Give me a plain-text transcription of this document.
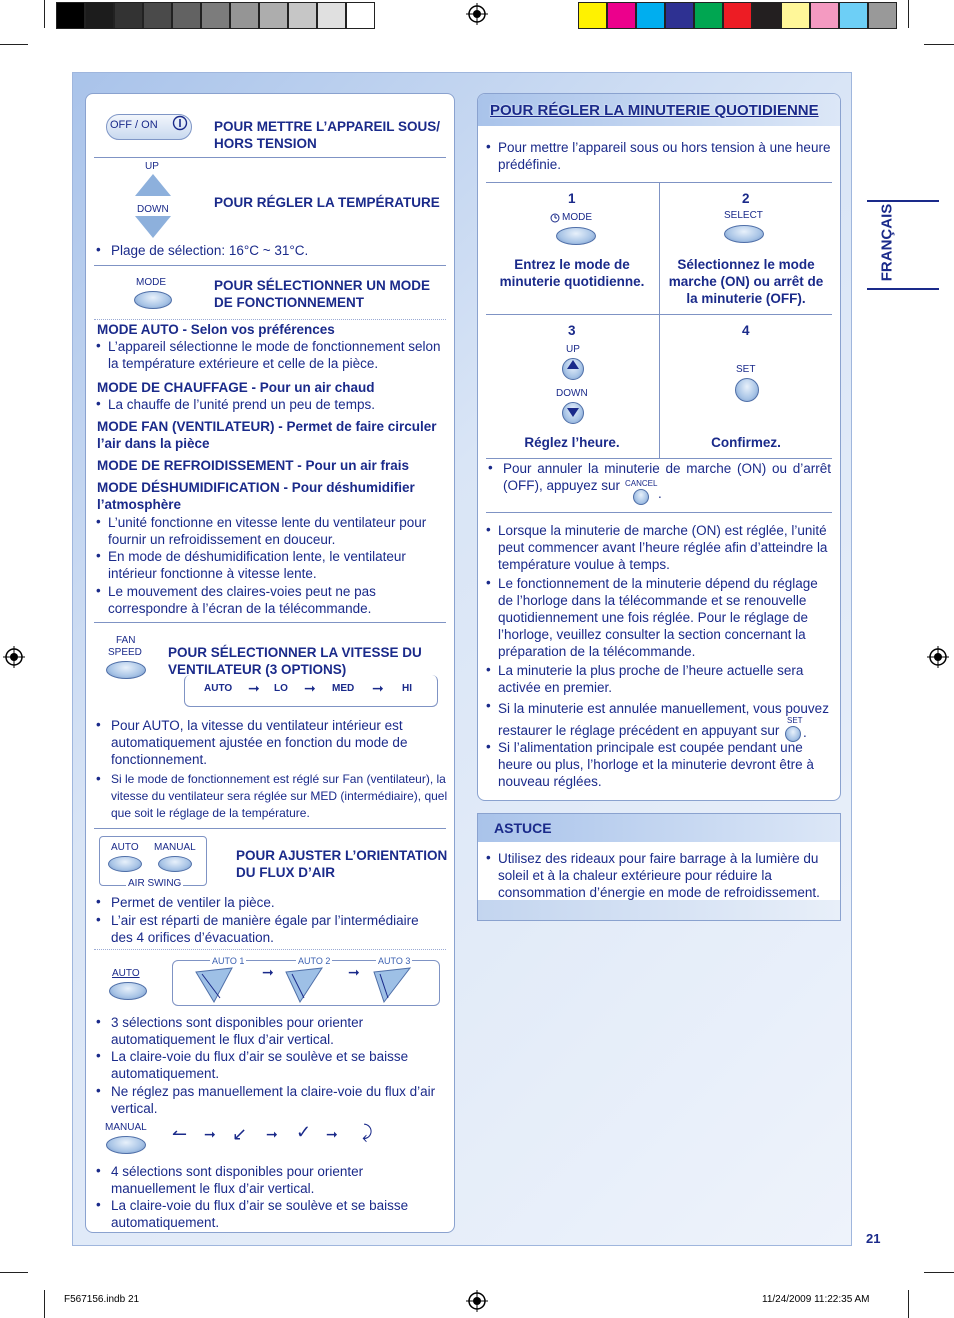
FRANÇAIS
21
OFF / ON	POUR METTRE L’APPAREIL SOUS/ HORS TENSION
UP
DOWN	POUR RÉGLER LA TEMPÉRATURE
• Plage de sélection: 16°C ~ 31°C.
MODE	POUR SÉLECTIONNER UN MODE DE FONCTIONNEMENT
MODE AUTO - Selon vos préférences
• L’appareil sélectionne le mode de fonctionnement selon la température extérieure et celle de la pièce.
MODE DE CHAUFFAGE - Pour un air chaud
• La chauffe de l’unité prend un peu de temps.
MODE FAN (VENTILATEUR) - Permet de faire circuler l’air dans la pièce
MODE DE REFROIDISSEMENT - Pour un air frais
MODE DÉSHUMIDIFICATION - Pour déshumidifier l’atmosphère
• L’unité fonctionne en vitesse lente du ventilateur pour fournir un refroidissement en douceur.
• En mode de déshumidification lente, le ventilateur intérieur fonctionne à vitesse lente.
• Le mouvement des claires-voies peut ne pas correspondre à l’écran de la télécommande.
FAN
SPEED POUR SÉLECTIONNER LA VITESSE DU VENTILATEUR (3 OPTIONS)
AUTO ➞ LO ➞ MED ➞ HI
• Pour AUTO, la vitesse du ventilateur intérieur est automatiquement ajustée en fonction du mode de fonctionnement.
• Si le mode de fonctionnement est réglé sur Fan (ventilateur), la vitesse du ventilateur sera réglée sur MED (intermédiaire), quel que soit le réglage de la température.
AUTO MANUAL
AIR SWING
POUR AJUSTER L’ORIENTATION DU FLUX D’AIR
• Permet de ventiler la pièce.
• L’air est réparti de manière égale par l’intermédiaire des 4 orifices d’évacuation.
AUTO
AUTO 1	AUTO 2	AUTO 3
➞	➞
• 3 sélections sont disponibles pour orienter automatiquement le flux d’air vertical.
• La claire-voie du flux d’air se soulève et se baisse automatiquement.
• Ne réglez pas manuellement la claire-voie du flux d’air vertical.
MANUAL ↼ ➞ ↙ ➞ ✓ ➞ ⤸
• 4 sélections sont disponibles pour orienter manuellement le flux d’air vertical.
• La claire-voie du flux d’air se soulève et se baisse automatiquement.
POUR RÉGLER LA MINUTERIE QUOTIDIENNE
• Pour mettre l’appareil sous ou hors tension à une heure prédéfinie.
1
MODE
Entrez le mode de minuterie quotidienne.
2
SELECT
Sélectionnez le mode marche (ON) ou arrêt de la minuterie (OFF).
3
UP
DOWN
Réglez l’heure.
4
SET
Confirmez.
• Pour annuler la minuterie de marche (ON) ou d’arrêt (OFF), appuyez sur CANCEL
.
• Lorsque la minuterie de marche (ON) est réglée, l’unité peut commencer avant l’heure réglée afin d’atteindre la température voulue à temps.
• Le fonctionnement de la minuterie dépend du réglage de l’horloge dans la télécommande et se renouvelle quotidiennement une fois réglée. Pour le réglage de l’horloge, veuillez consulter la section concernant la préparation de la télécommande.
• La minuterie la plus proche de l’heure actuelle sera activée en premier.
• Si la minuterie est annulée manuellement, vous pouvez restaurer le réglage précédent en appuyant sur
SET
.
• Si l’alimentation principale est coupée pendant une heure ou plus, l’horloge et la minuterie devront être à nouveau réglées.
ASTUCE
• Utilisez des rideaux pour faire barrage à la lumière du soleil et à la chaleur extérieure pour réduire la consommation d’énergie en mode de refroidissement.
F567156.indb 21	11/24/2009 11:22:35 AM
